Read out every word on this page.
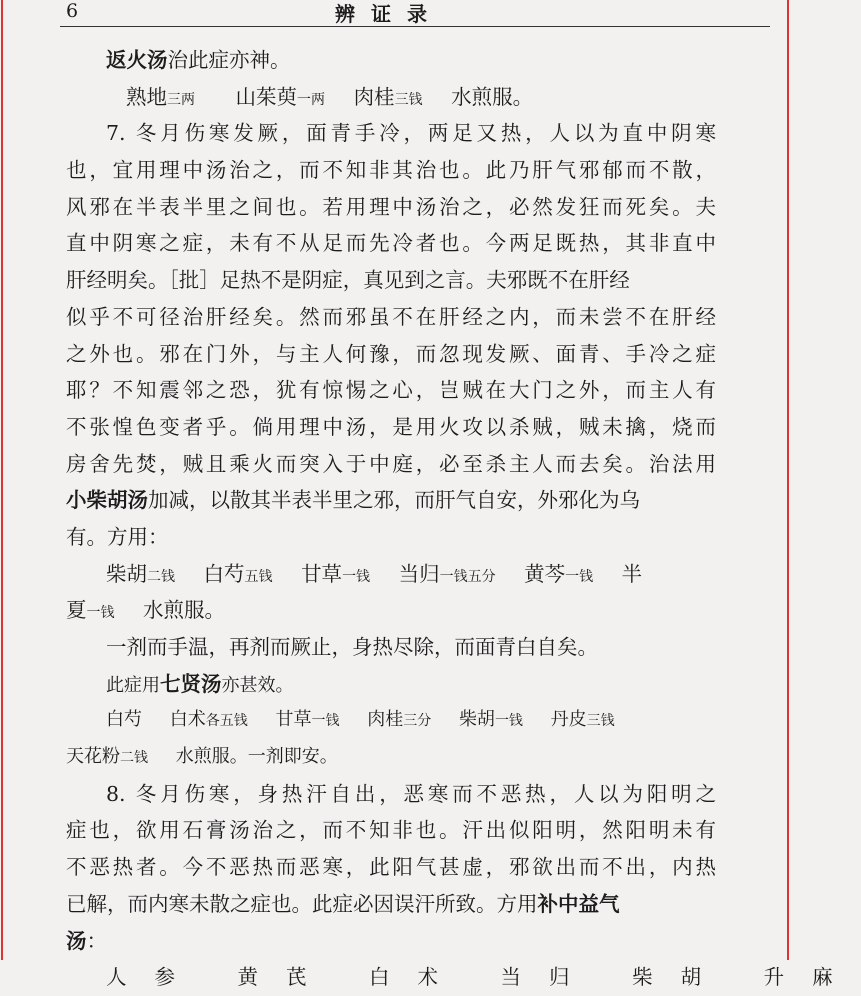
6	辨证录
返火汤治此症亦神。
熟地三两 山茱萸一两 肉桂三钱 水煎服。
7. 冬月伤寒发厥，面青手冷，两足又热，人以为直中阴寒
也，宜用理中汤治之，而不知非其治也。此乃肝气邪郁而不散，
风邪在半表半里之间也。若用理中汤治之，必然发狂而死矣。夫
直中阴寒之症，未有不从足而先冷者也。今两足既热，其非直中
肝经明矣。［批］足热不是阴症，真见到之言。夫邪既不在肝经
似乎不可径治肝经矣。然而邪虽不在肝经之内，而未尝不在肝经
之外也。邪在门外，与主人何豫，而忽现发厥、面青、手冷之症
耶？不知震邻之恐，犹有惊惕之心，岂贼在大门之外，而主人有
不张惶色变者乎。倘用理中汤，是用火攻以杀贼，贼未擒，烧而
房舍先焚，贼且乘火而突入于中庭，必至杀主人而去矣。治法用
小柴胡汤加减，以散其半表半里之邪，而肝气自安，外邪化为乌
有。方用：
柴胡二钱 白芍五钱 甘草一钱 当归一钱五分 黄芩一钱 半
夏一钱 水煎服。
一剂而手温，再剂而厥止，身热尽除，而面青白自矣。
此症用七贤汤亦甚效。
白芍 白术各五钱 甘草一钱 肉桂三分 柴胡一钱 丹皮三钱
天花粉二钱 水煎服。一剂即安。
8. 冬月伤寒，身热汗自出，恶寒而不恶热，人以为阳明之
症也，欲用石膏汤治之，而不知非也。汗出似阳明，然阳明未有
不恶热者。今不恶热而恶寒，此阳气甚虚，邪欲出而不出，内热
已解，而内寒未散之症也。此症必因误汗所致。方用补中益气
汤：
人参 黄芪 白术 当归 柴胡 升麻
